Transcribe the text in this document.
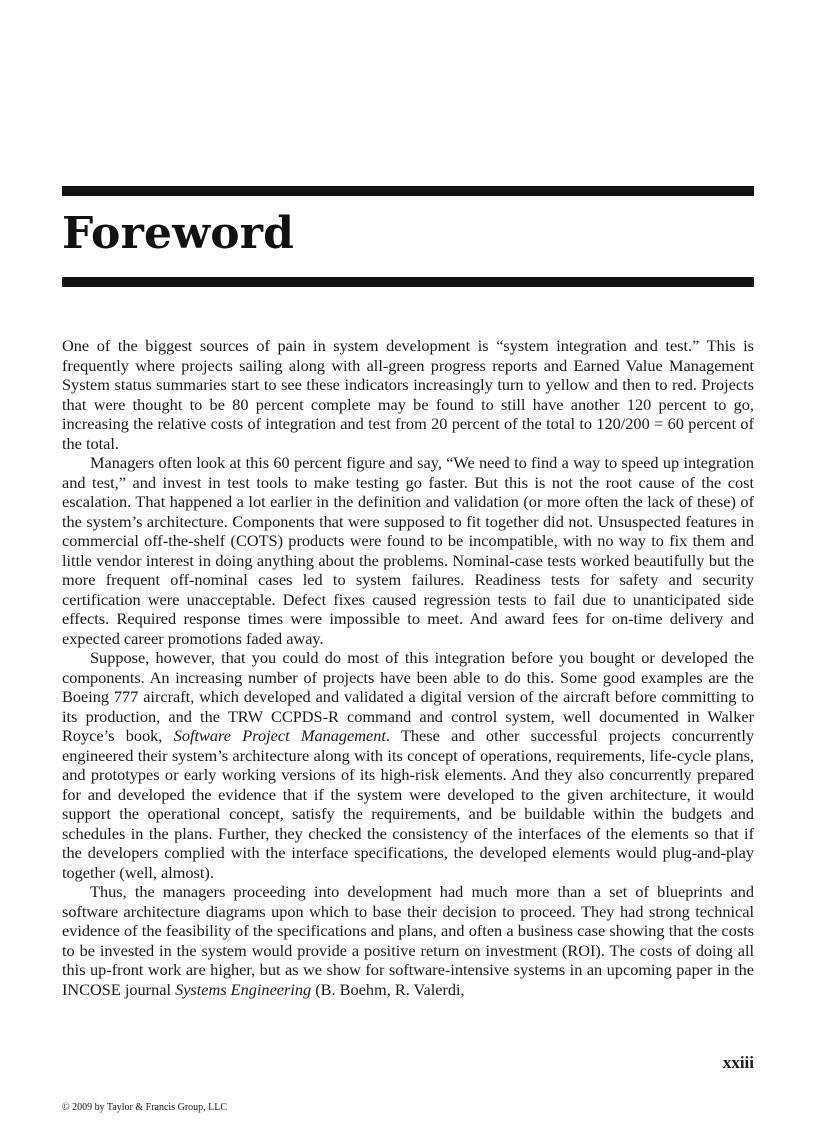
Foreword

One of the biggest sources of pain in system development is “system integration and test.” This is frequently where projects sailing along with all-green progress reports and Earned Value Management System status summaries start to see these indicators increasingly turn to yellow and then to red. Projects that were thought to be 80 percent complete may be found to still have another 120 percent to go, increasing the relative costs of integration and test from 20 percent of the total to 120/200 = 60 percent of the total.

Managers often look at this 60 percent figure and say, “We need to find a way to speed up integration and test,” and invest in test tools to make testing go faster. But this is not the root cause of the cost escalation. That happened a lot earlier in the definition and validation (or more often the lack of these) of the system’s architecture. Components that were supposed to fit together did not. Unsuspected features in commercial off-the-shelf (COTS) products were found to be incompatible, with no way to fix them and little vendor interest in doing anything about the problems. Nominal-case tests worked beautifully but the more frequent off-nominal cases led to system failures. Readiness tests for safety and security certification were unacceptable. Defect fixes caused regression tests to fail due to unanticipated side effects. Required response times were impossible to meet. And award fees for on-time delivery and expected career promotions faded away.

Suppose, however, that you could do most of this integration before you bought or developed the components. An increasing number of projects have been able to do this. Some good examples are the Boeing 777 aircraft, which developed and validated a digital version of the aircraft before committing to its production, and the TRW CCPDS-R command and control system, well documented in Walker Royce’s book, Software Project Management. These and other successful projects concurrently engineered their system’s architecture along with its concept of operations, requirements, life-cycle plans, and prototypes or early working versions of its high-risk elements. And they also concurrently prepared for and developed the evidence that if the system were developed to the given architecture, it would support the operational concept, satisfy the requirements, and be buildable within the budgets and schedules in the plans. Further, they checked the consistency of the interfaces of the elements so that if the developers complied with the interface specifications, the developed elements would plug-and-play together (well, almost).

Thus, the managers proceeding into development had much more than a set of blueprints and software architecture diagrams upon which to base their decision to proceed. They had strong technical evidence of the feasibility of the specifications and plans, and often a business case showing that the costs to be invested in the system would provide a positive return on investment (ROI). The costs of doing all this up-front work are higher, but as we show for software-intensive systems in an upcoming paper in the INCOSE journal Systems Engineering (B. Boehm, R. Valerdi,

xxiii
© 2009 by Taylor & Francis Group, LLC
